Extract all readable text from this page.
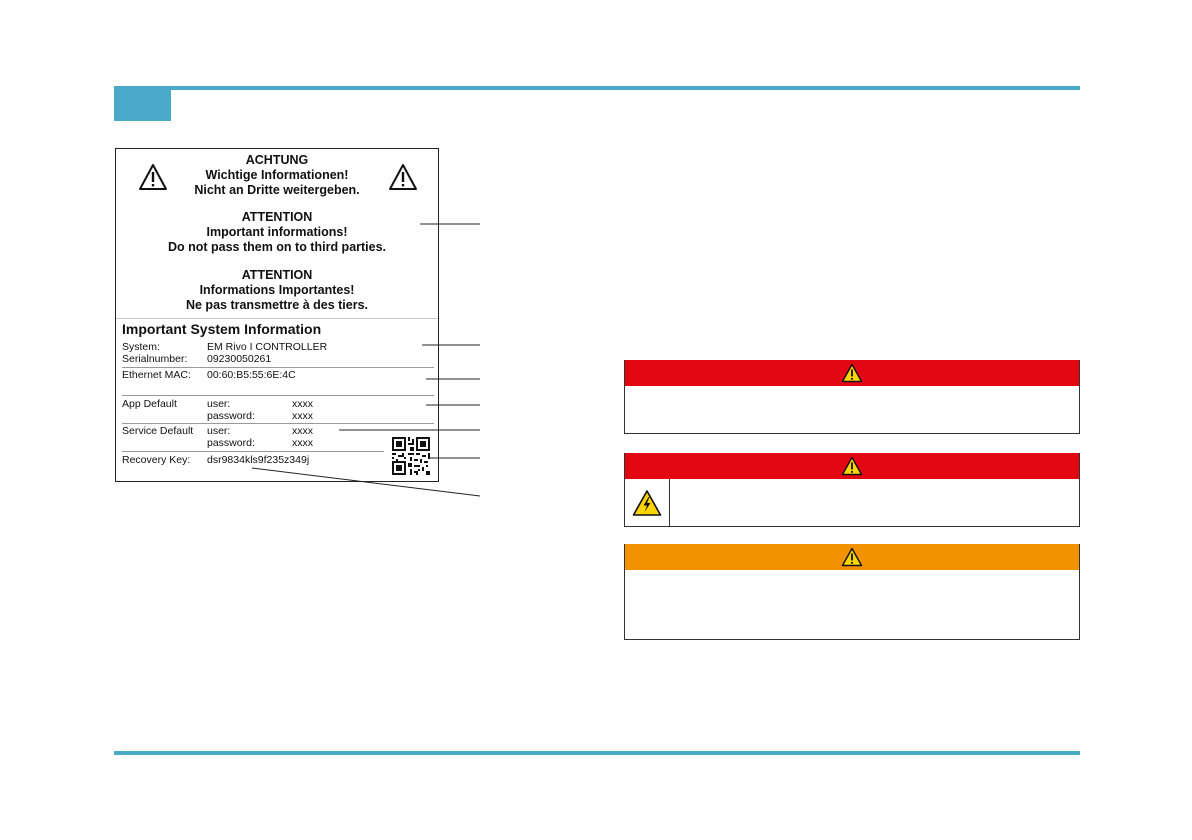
ACHTUNG
Wichtige Informationen!
Nicht an Dritte weitergeben.
ATTENTION
Important informations!
Do not pass them on to third parties.
ATTENTION
Informations Importantes!
Ne pas transmettre à des tiers.
Important System Information
System:	EM Rivo I CONTROLLER
Serialnumber: 09230050261
Ethernet MAC: 00:60:B5:55:6E:4C
App Default	user:	xxxx
password:	xxxx
Service Default user:	xxxx
password:	xxxx
Recovery Key: dsr9834kls9f235z349j
